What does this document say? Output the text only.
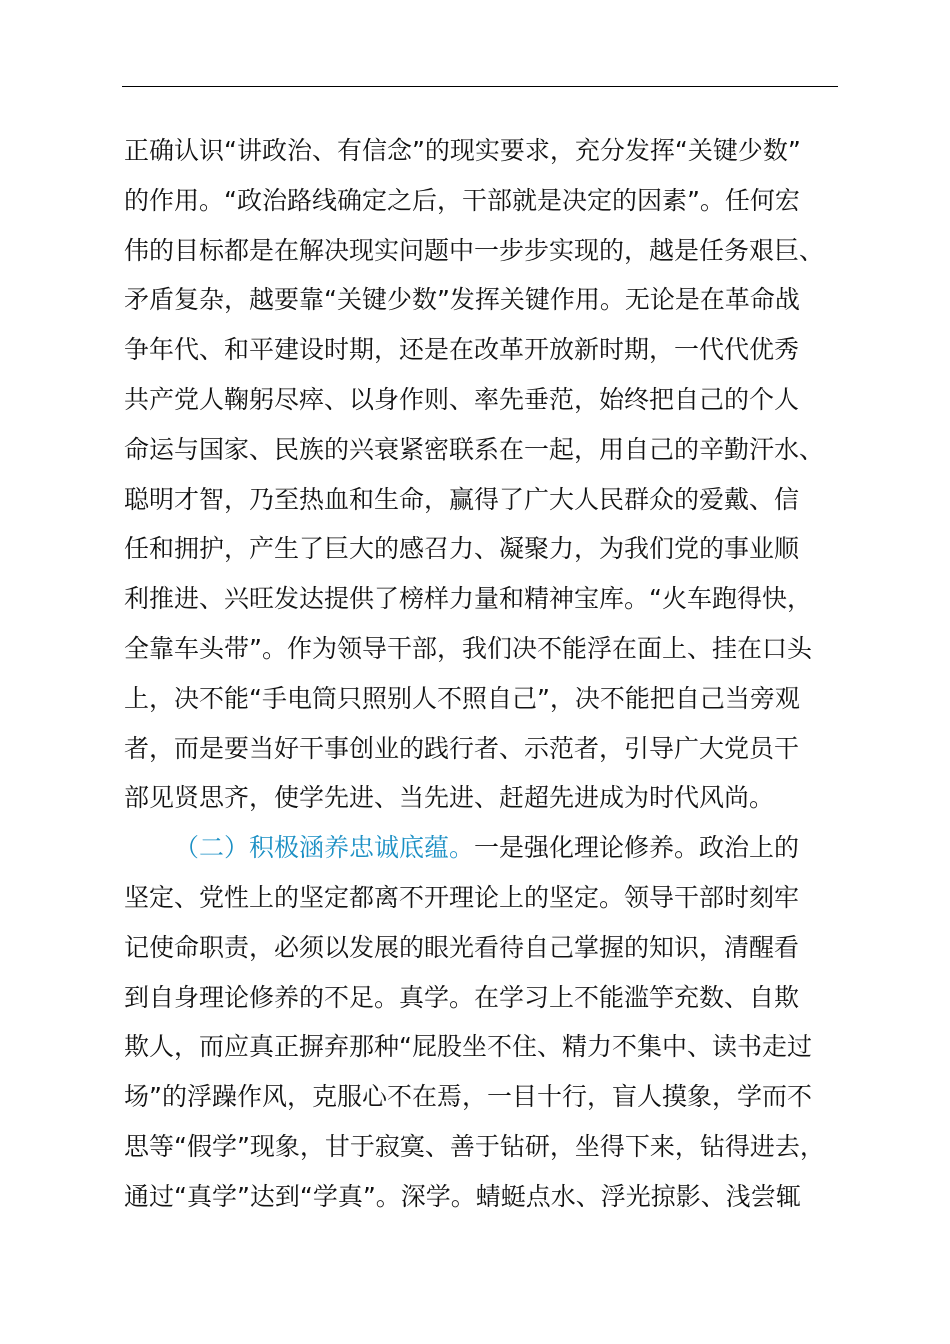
正确认识“讲政治、有信念”的现实要求，充分发挥“关键少数”
的作用。“政治路线确定之后，干部就是决定的因素”。任何宏
伟的目标都是在解决现实问题中一步步实现的，越是任务艰巨、
矛盾复杂，越要靠“关键少数”发挥关键作用。无论是在革命战
争年代、和平建设时期，还是在改革开放新时期，一代代优秀
共产党人鞠躬尽瘁、以身作则、率先垂范，始终把自己的个人
命运与国家、民族的兴衰紧密联系在一起，用自己的辛勤汗水、
聪明才智，乃至热血和生命，赢得了广大人民群众的爱戴、信
任和拥护，产生了巨大的感召力、凝聚力，为我们党的事业顺
利推进、兴旺发达提供了榜样力量和精神宝库。“火车跑得快，
全靠车头带”。作为领导干部，我们决不能浮在面上、挂在口头
上，决不能“手电筒只照别人不照自己”，决不能把自己当旁观
者，而是要当好干事创业的践行者、示范者，引导广大党员干
部见贤思齐，使学先进、当先进、赶超先进成为时代风尚。
（二）积极涵养忠诚底蕴。一是强化理论修养。政治上的
坚定、党性上的坚定都离不开理论上的坚定。领导干部时刻牢
记使命职责，必须以发展的眼光看待自己掌握的知识，清醒看
到自身理论修养的不足。真学。在学习上不能滥竽充数、自欺
欺人，而应真正摒弃那种“屁股坐不住、精力不集中、读书走过
场”的浮躁作风，克服心不在焉，一目十行，盲人摸象，学而不
思等“假学”现象，甘于寂寞、善于钻研，坐得下来，钻得进去，
通过“真学”达到“学真”。深学。蜻蜓点水、浮光掠影、浅尝辄
